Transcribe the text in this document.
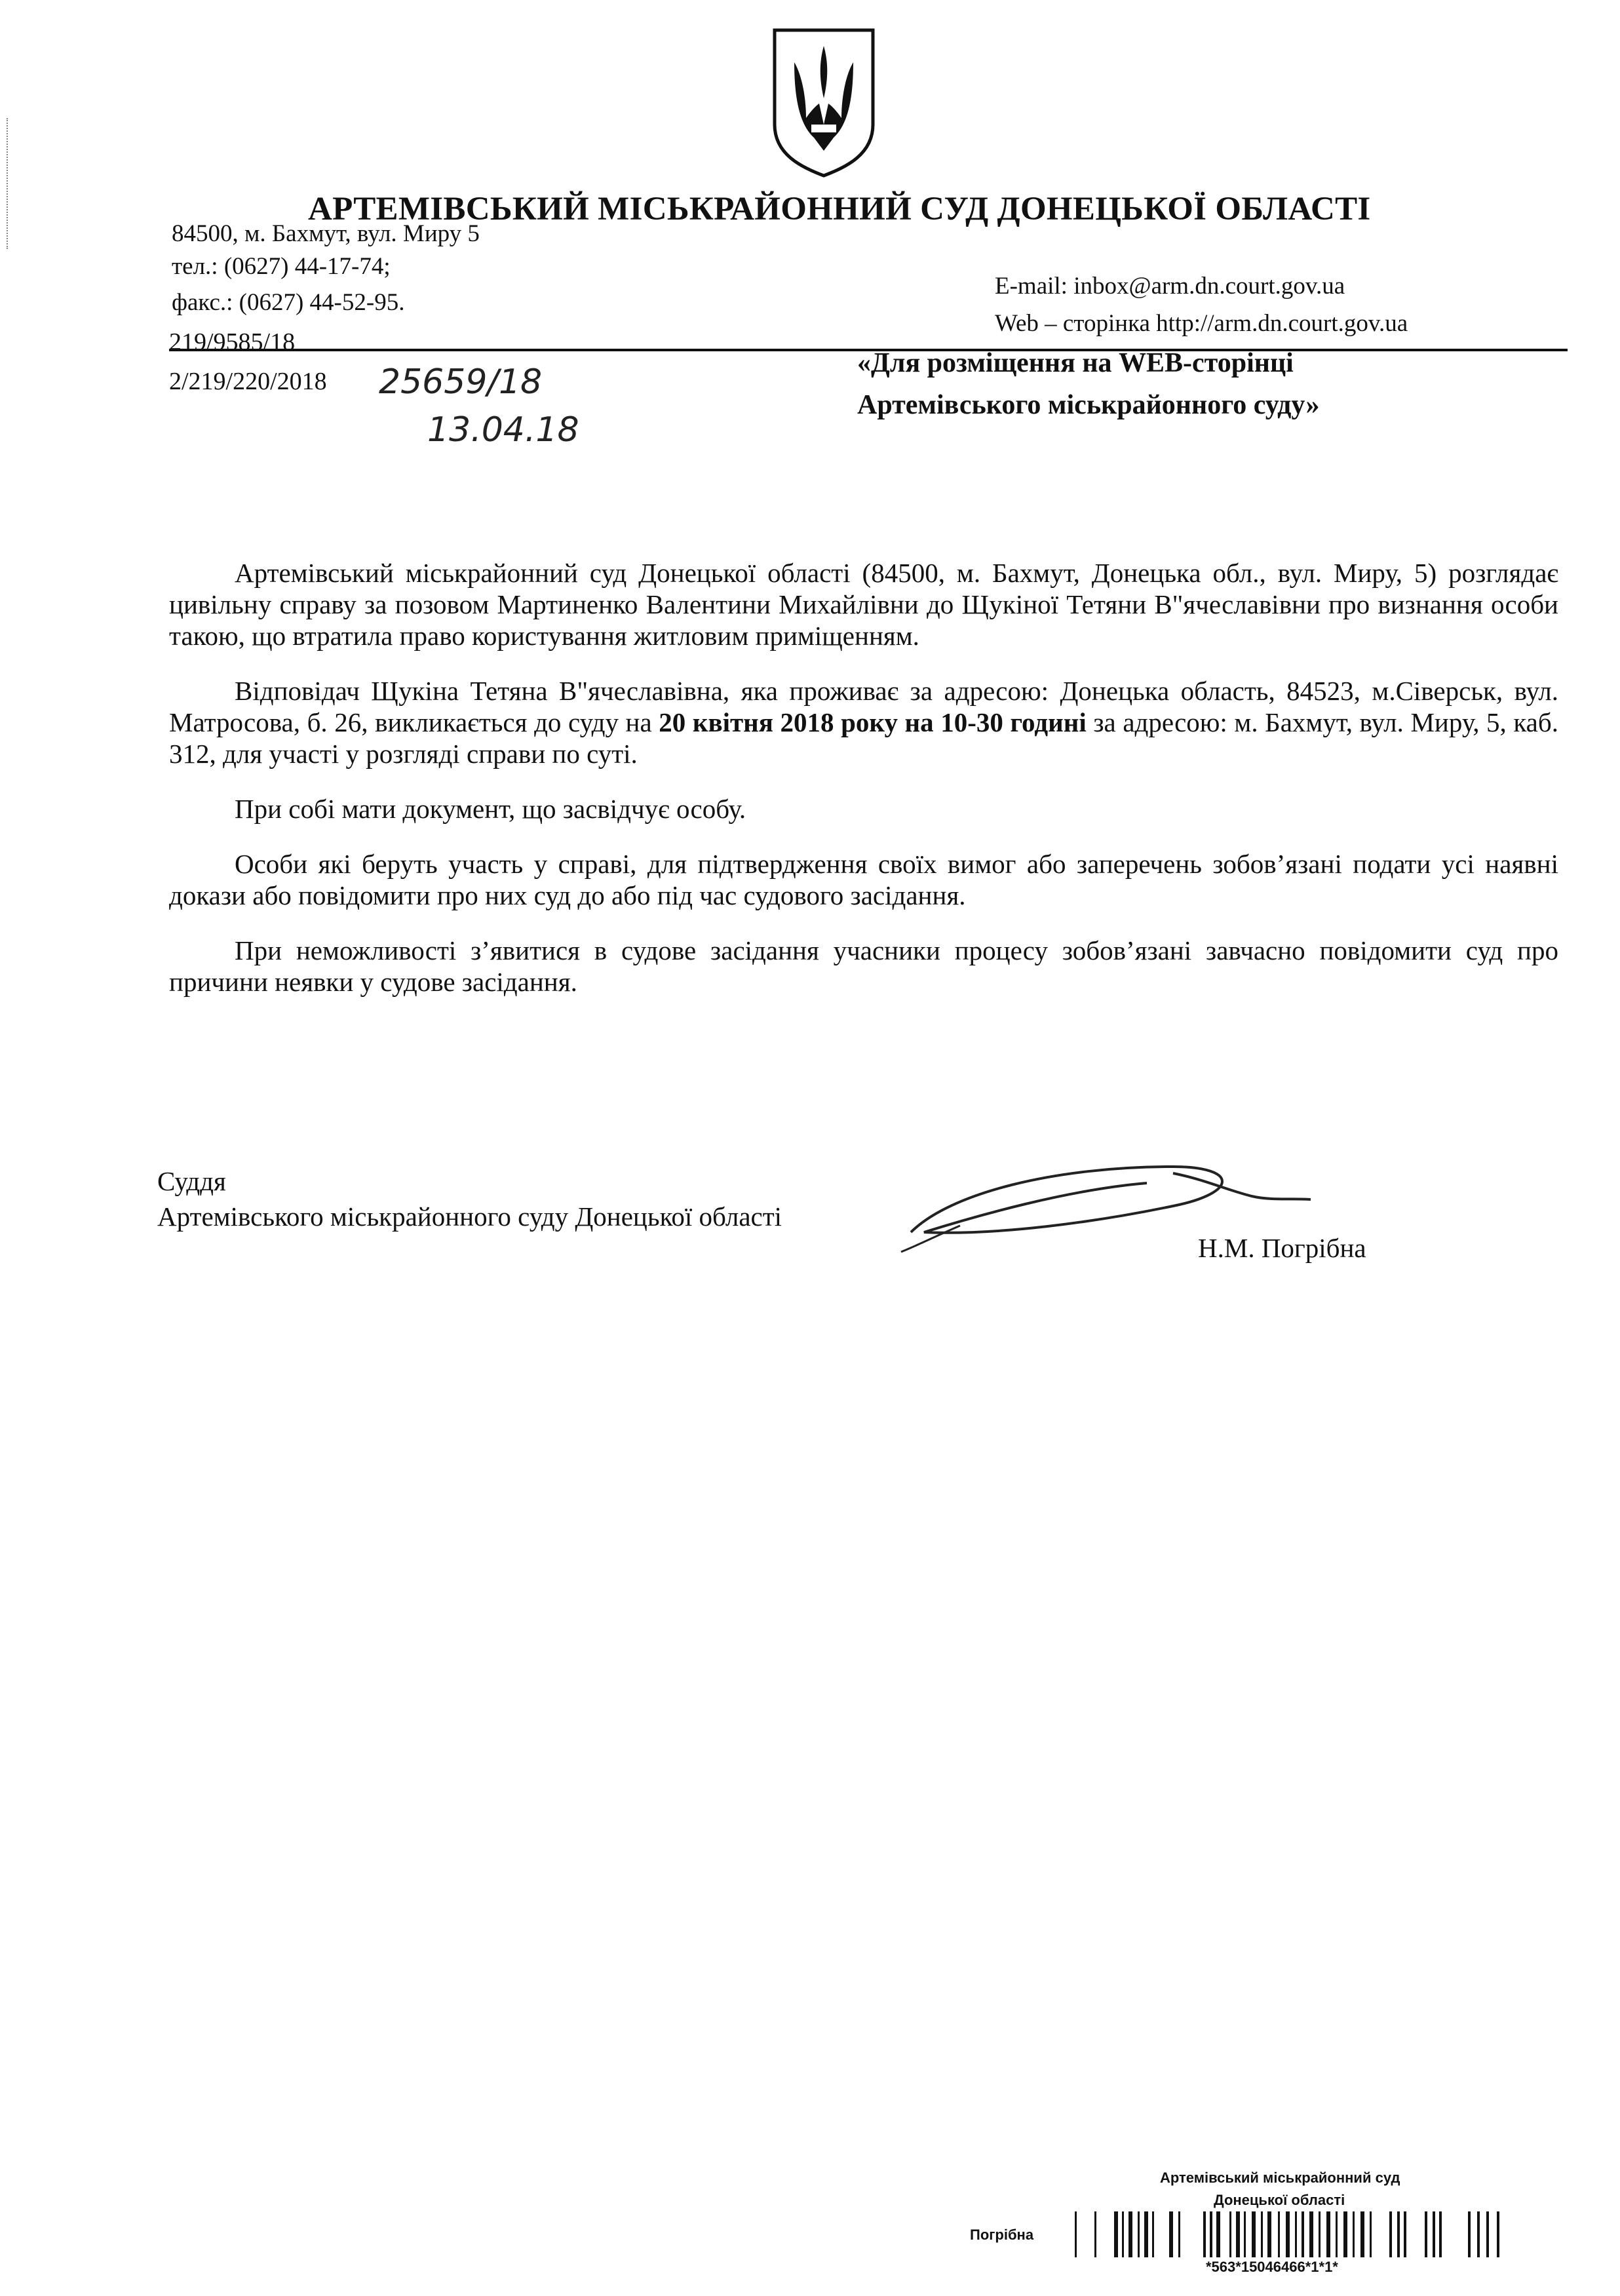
АРТЕМІВСЬКИЙ МІСЬКРАЙОННИЙ СУД ДОНЕЦЬКОЇ ОБЛАСТІ
84500, м. Бахмут, вул. Миру 5
тел.: (0627) 44-17-74;
факс.: (0627) 44-52-95.
E-mail: inbox@arm.dn.court.gov.ua
Web – сторінка http://arm.dn.court.gov.ua
219/9585/18
2/219/220/2018 25659/18
13.04.18
«Для розміщення на WEB-сторінці
Артемівського міськрайонного суду»

Артемівський міськрайонний суд Донецької області (84500, м. Бахмут, Донецька обл., вул. Миру, 5) розглядає цивільну справу за позовом Мартиненко Валентини Михайлівни до Щукіної Тетяни В"ячеславівни про визнання особи такою, що втратила право користування житловим приміщенням.

Відповідач Щукіна Тетяна В"ячеславівна, яка проживає за адресою: Донецька область, 84523, м.Сіверськ, вул. Матросова, б. 26, викликається до суду на 20 квітня 2018 року на 10-30 годині за адресою: м. Бахмут, вул. Миру, 5, каб. 312, для участі у розгляді справи по суті.

При собі мати документ, що засвідчує особу.

Особи які беруть участь у справі, для підтвердження своїх вимог або заперечень зобов’язані подати усі наявні докази або повідомити про них суд до або під час судового засідання.

При неможливості з’явитися в судове засідання учасники процесу зобов’язані завчасно повідомити суд про причини неявки у судове засідання.

Суддя
Артемівського міськрайонного суду Донецької області
Н.М. Погрібна
Артемівський міськрайонний суд
Донецької області
Погрібна
*563*15046466*1*1*
